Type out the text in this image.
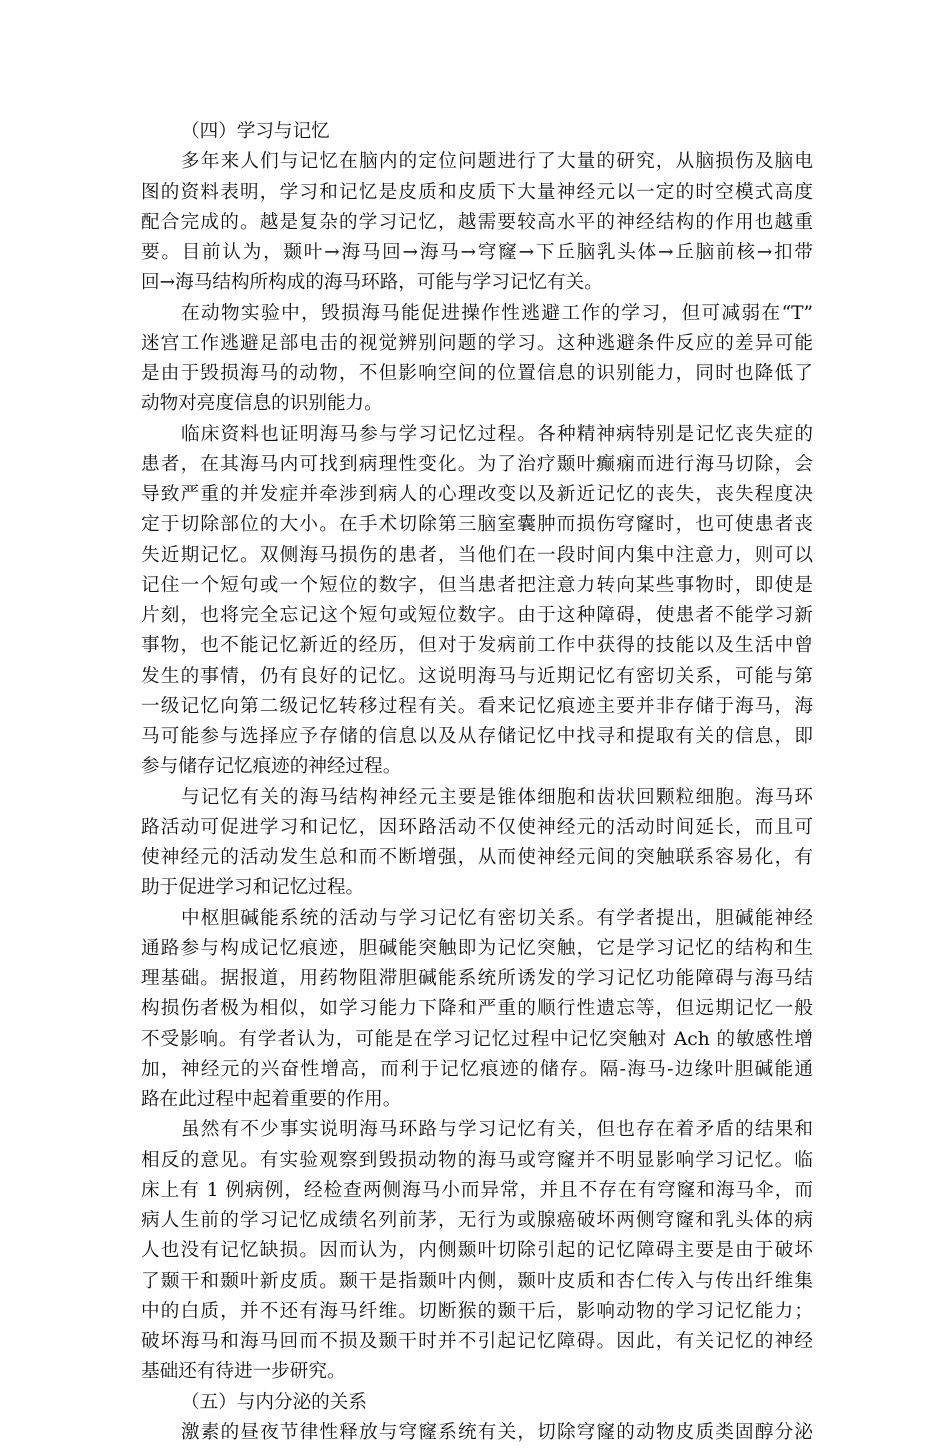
（四）学习与记忆
多年来人们与记忆在脑内的定位问题进行了大量的研究，从脑损伤及脑电
图的资料表明，学习和记忆是皮质和皮质下大量神经元以一定的时空模式高度
配合完成的。越是复杂的学习记忆，越需要较高水平的神经结构的作用也越重
要。目前认为，颞叶→海马回→海马→穹窿→下丘脑乳头体→丘脑前核→扣带
回→海马结构所构成的海马环路，可能与学习记忆有关。
在动物实验中，毁损海马能促进操作性逃避工作的学习，但可减弱在“T”
迷宫工作逃避足部电击的视觉辨别问题的学习。这种逃避条件反应的差异可能
是由于毁损海马的动物，不但影响空间的位置信息的识别能力，同时也降低了
动物对亮度信息的识别能力。
临床资料也证明海马参与学习记忆过程。各种精神病特别是记忆丧失症的
患者，在其海马内可找到病理性变化。为了治疗颞叶癫痫而进行海马切除，会
导致严重的并发症并牵涉到病人的心理改变以及新近记忆的丧失，丧失程度决
定于切除部位的大小。在手术切除第三脑室囊肿而损伤穹窿时，也可使患者丧
失近期记忆。双侧海马损伤的患者，当他们在一段时间内集中注意力，则可以
记住一个短句或一个短位的数字，但当患者把注意力转向某些事物时，即使是
片刻，也将完全忘记这个短句或短位数字。由于这种障碍，使患者不能学习新
事物，也不能记忆新近的经历，但对于发病前工作中获得的技能以及生活中曾
发生的事情，仍有良好的记忆。这说明海马与近期记忆有密切关系，可能与第
一级记忆向第二级记忆转移过程有关。看来记忆痕迹主要并非存储于海马，海
马可能参与选择应予存储的信息以及从存储记忆中找寻和提取有关的信息，即
参与储存记忆痕迹的神经过程。
与记忆有关的海马结构神经元主要是锥体细胞和齿状回颗粒细胞。海马环
路活动可促进学习和记忆，因环路活动不仅使神经元的活动时间延长，而且可
使神经元的活动发生总和而不断增强，从而使神经元间的突触联系容易化，有
助于促进学习和记忆过程。
中枢胆碱能系统的活动与学习记忆有密切关系。有学者提出，胆碱能神经
通路参与构成记忆痕迹，胆碱能突触即为记忆突触，它是学习记忆的结构和生
理基础。据报道，用药物阻滞胆碱能系统所诱发的学习记忆功能障碍与海马结
构损伤者极为相似，如学习能力下降和严重的顺行性遗忘等，但远期记忆一般
不受影响。有学者认为，可能是在学习记忆过程中记忆突触对 Ach 的敏感性增
加，神经元的兴奋性增高，而利于记忆痕迹的储存。隔-海马-边缘叶胆碱能通
路在此过程中起着重要的作用。
虽然有不少事实说明海马环路与学习记忆有关，但也存在着矛盾的结果和
相反的意见。有实验观察到毁损动物的海马或穹窿并不明显影响学习记忆。临
床上有 1 例病例，经检查两侧海马小而异常，并且不存在有穹窿和海马伞，而
病人生前的学习记忆成绩名列前茅，无行为或腺癌破坏两侧穹窿和乳头体的病
人也没有记忆缺损。因而认为，内侧颞叶切除引起的记忆障碍主要是由于破坏
了颞干和颞叶新皮质。颞干是指颞叶内侧，颞叶皮质和杏仁传入与传出纤维集
中的白质，并不还有海马纤维。切断猴的颞干后，影响动物的学习记忆能力；
破坏海马和海马回而不损及颞干时并不引起记忆障碍。因此，有关记忆的神经
基础还有待进一步研究。
（五）与内分泌的关系
激素的昼夜节律性释放与穹窿系统有关，切除穹窿的动物皮质类固醇分泌
